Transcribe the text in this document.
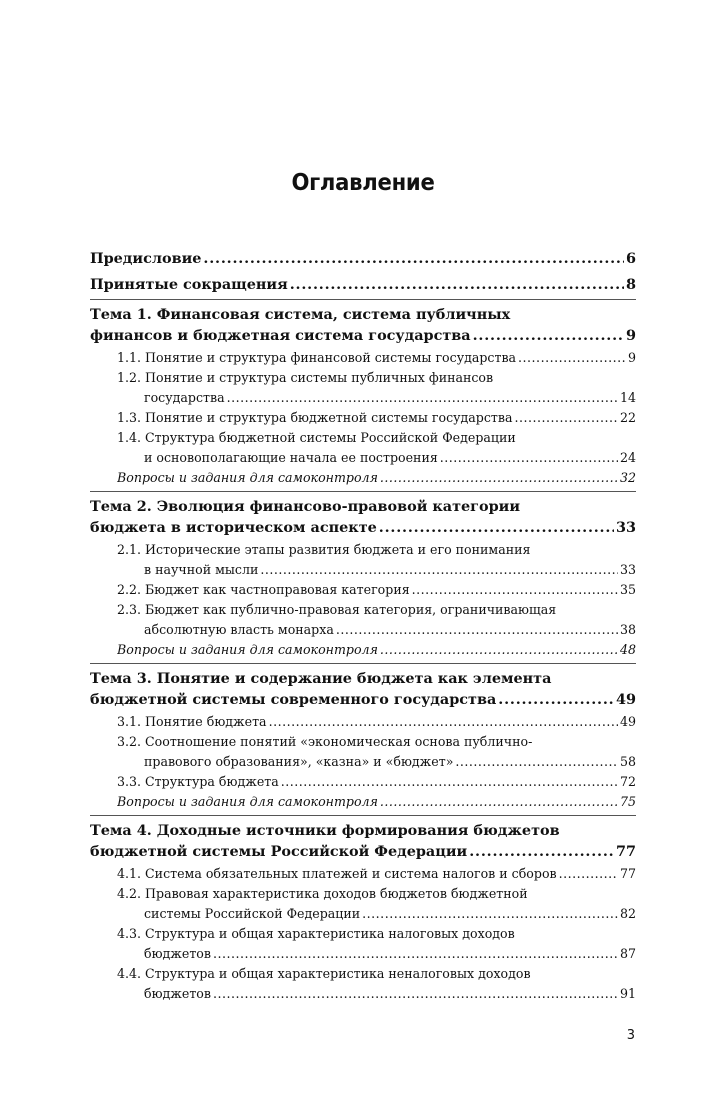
Оглавление
Предисловие .....	6
Принятые сокращения .....	8
Тема 1. Финансовая система, система публичных
финансов и бюджетная система государства .....	9
1.1. Понятие и структура финансовой системы государства .....	9
1.2. Понятие и структура системы публичных финансов
государства .....	14
1.3. Понятие и структура бюджетной системы государства .....	22
1.4. Структура бюджетной системы Российской Федерации
и основополагающие начала ее построения .....	24
Вопросы и задания для самоконтроля .....	32
Тема 2. Эволюция финансово-правовой категории
бюджета в историческом аспекте .....	33
2.1. Исторические этапы развития бюджета и его понимания
в научной мысли .....	33
2.2. Бюджет как частноправовая категория .....	35
2.3. Бюджет как публично-правовая категория, ограничивающая
абсолютную власть монарха .....	38
Вопросы и задания для самоконтроля .....	48
Тема 3. Понятие и содержание бюджета как элемента
бюджетной системы современного государства .....	49
3.1. Понятие бюджета .....	49
3.2. Соотношение понятий «экономическая основа публично-
правового образования», «казна» и «бюджет» .....	58
3.3. Структура бюджета .....	72
Вопросы и задания для самоконтроля .....	75
Тема 4. Доходные источники формирования бюджетов
бюджетной системы Российской Федерации .....	77
4.1. Система обязательных платежей и система налогов и сборов .....	77
4.2. Правовая характеристика доходов бюджетов бюджетной
системы Российской Федерации .....	82
4.3. Структура и общая характеристика налоговых доходов
бюджетов .....	87
4.4. Структура и общая характеристика неналоговых доходов
бюджетов .....	91
3
